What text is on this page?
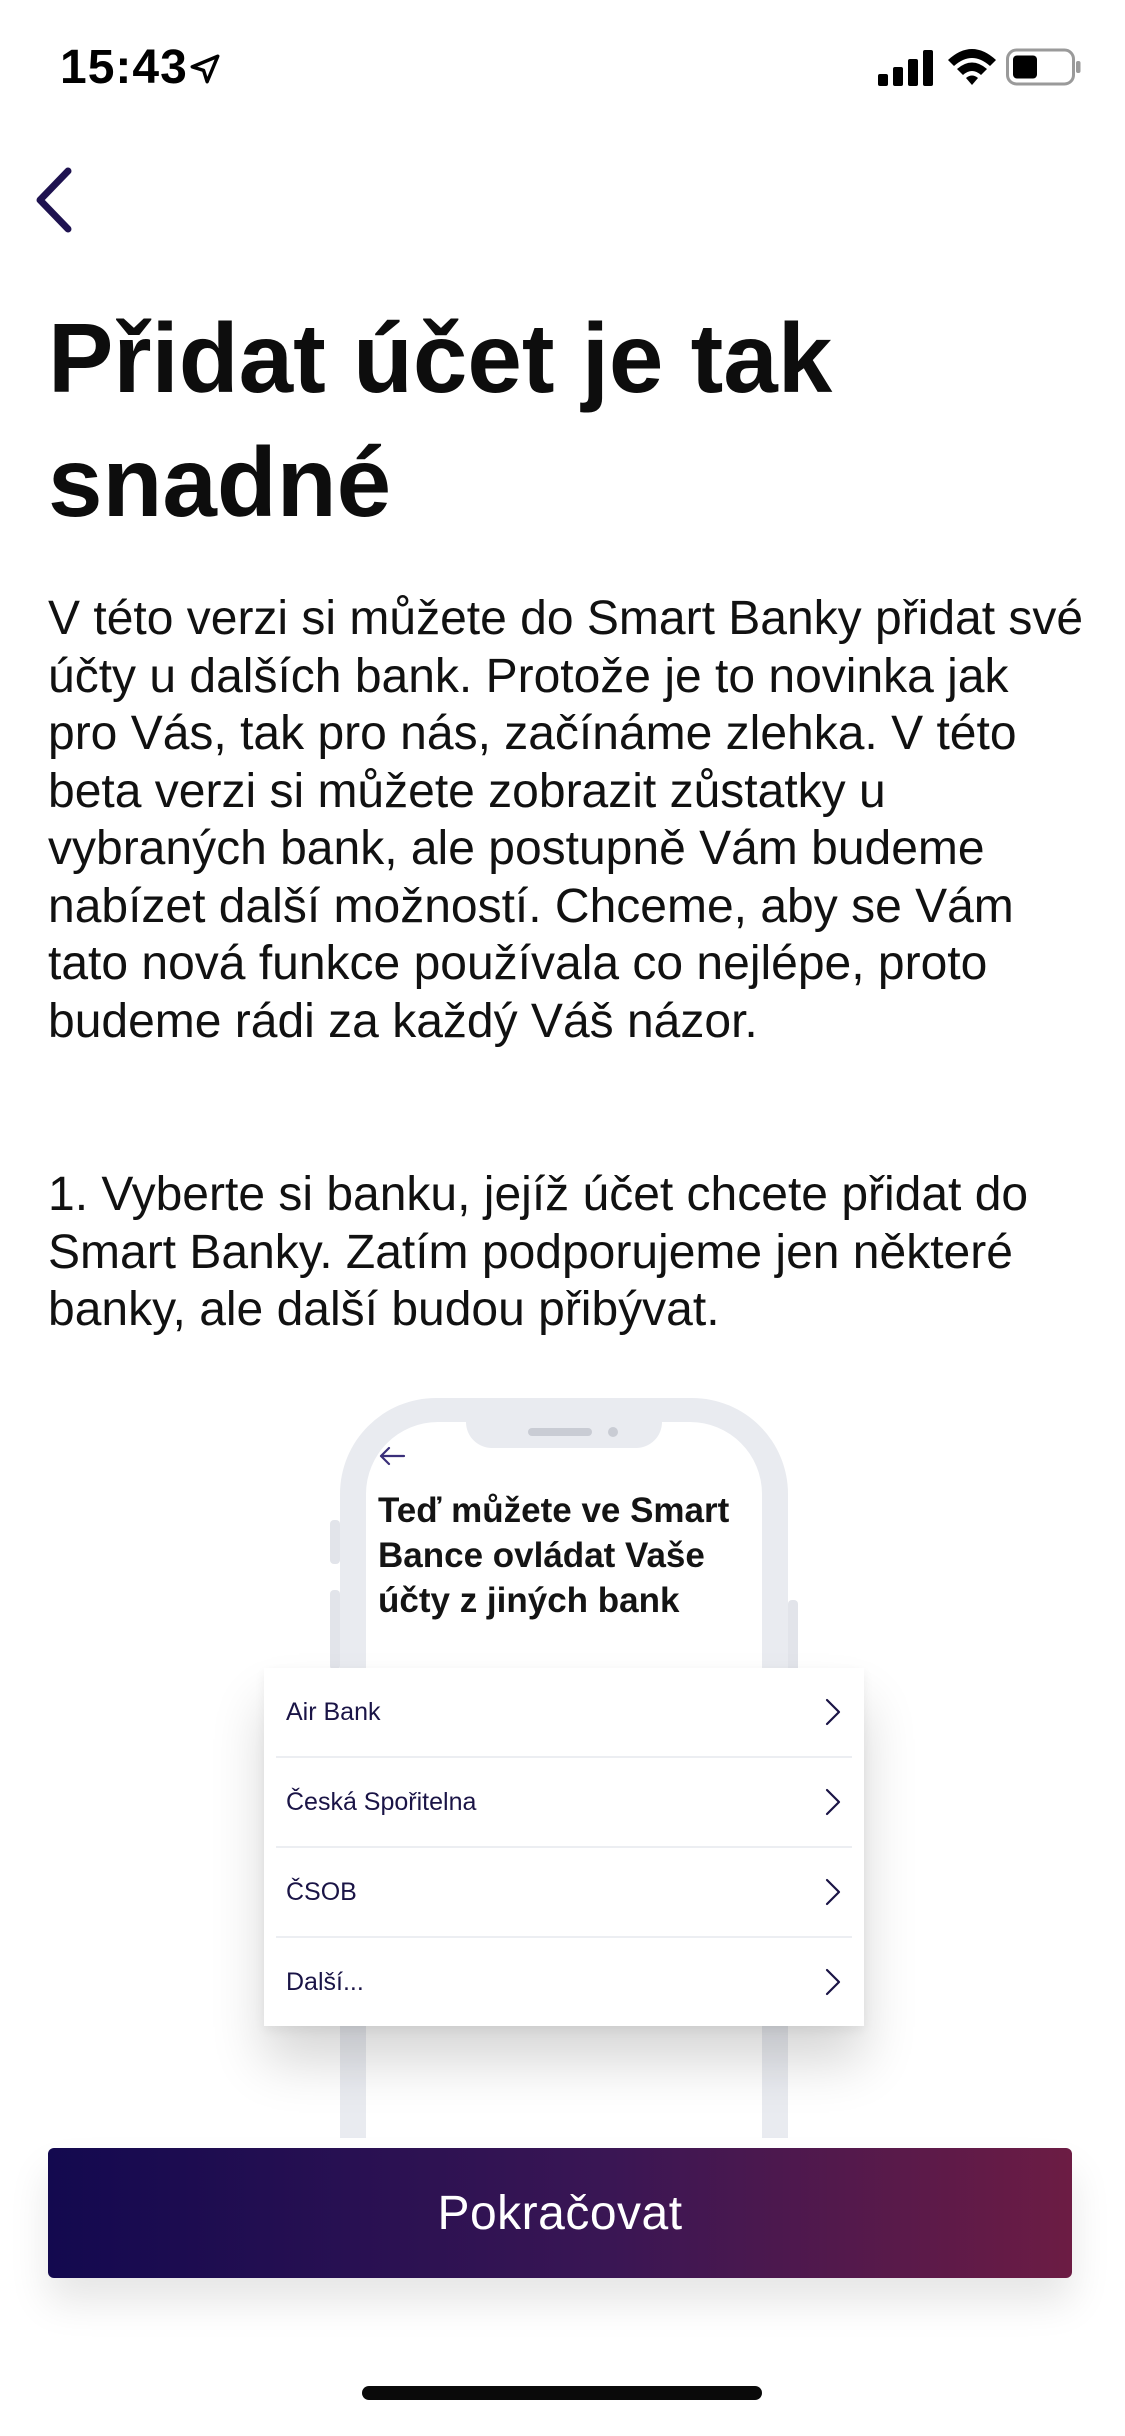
15:43
Přidat účet je tak snadné

V této verzi si můžete do Smart Banky přidat své účty u dalších bank. Protože je to novinka jak pro Vás, tak pro nás, začínáme zlehka. V této beta verzi si můžete zobrazit zůstatky u vybraných bank, ale postupně Vám budeme nabízet další možností. Chceme, aby se Vám tato nová funkce používala co nejlépe, proto budeme rádi za každý Váš názor.

1. Vyberte si banku, jejíž účet chcete přidat do Smart Banky. Zatím podporujeme jen některé banky, ale další budou přibývat.

Teď můžete ve Smart Bance ovládat Vaše účty z jiných bank

Air Bank
Česká Spořitelna
ČSOB
Další...
Pokračovat
